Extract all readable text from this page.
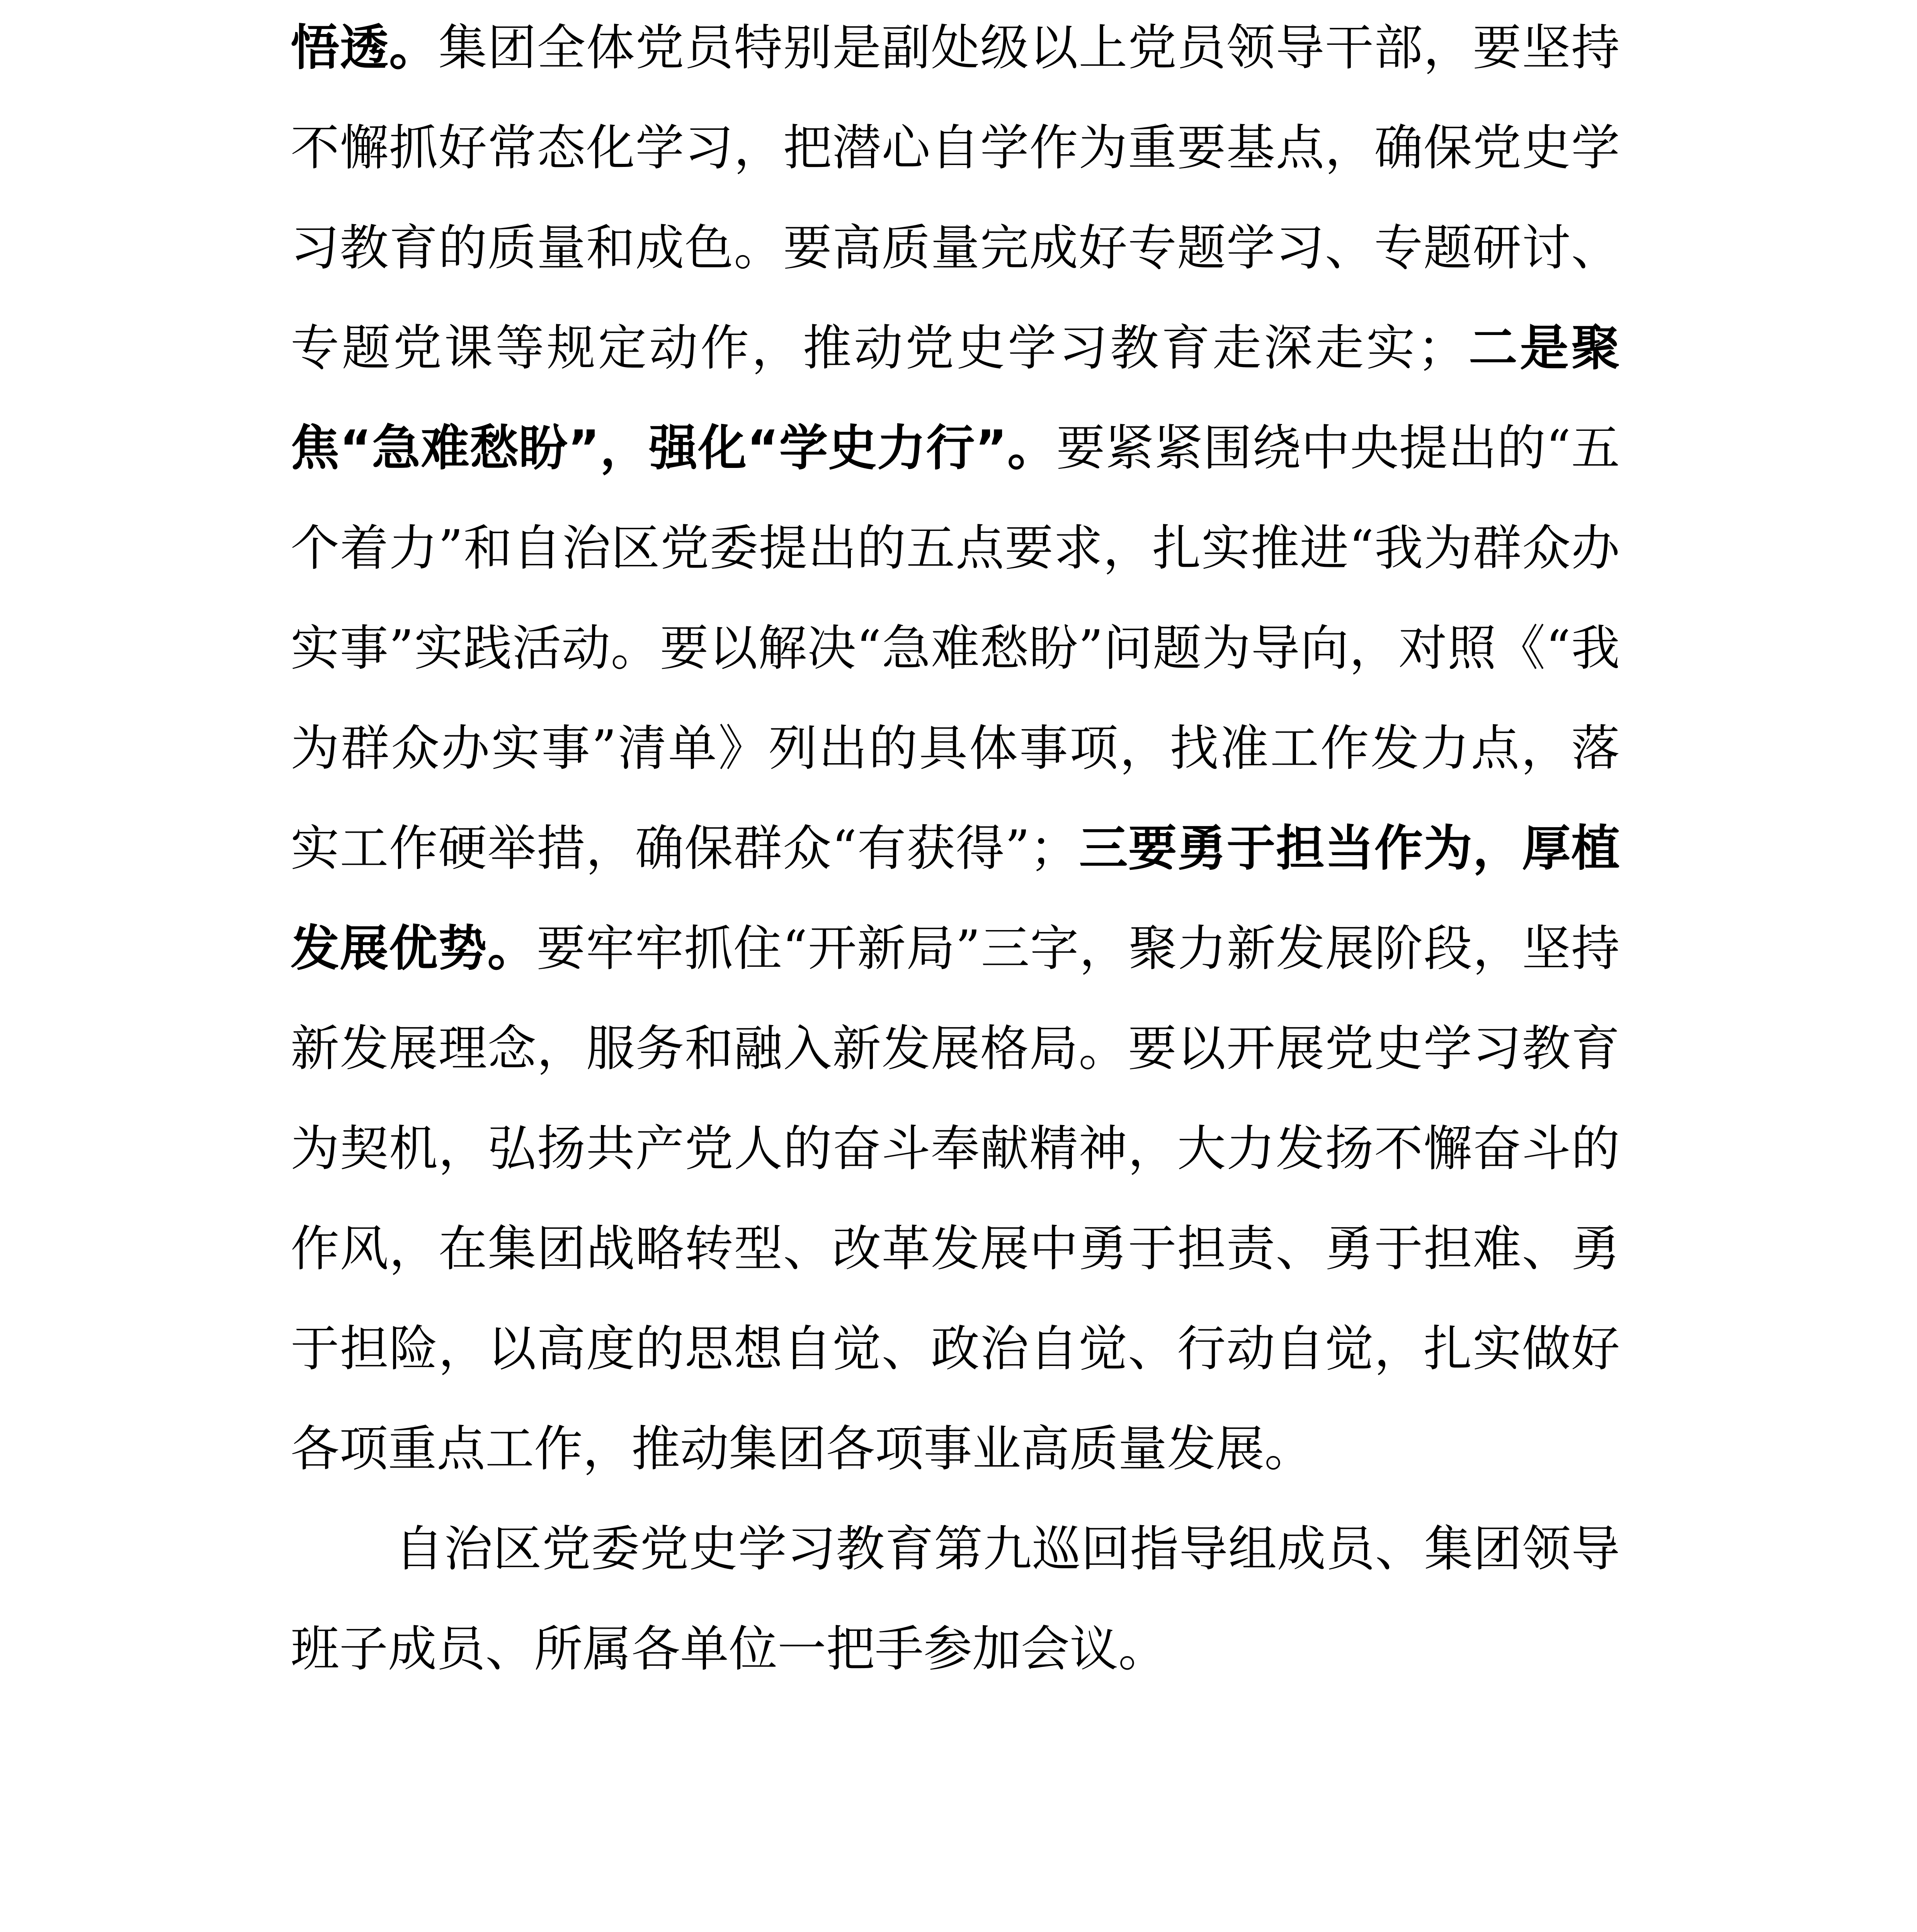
悟透。集团全体党员特别是副处级以上党员领导干部，要坚持不懈抓好常态化学习，把潜心自学作为重要基点，确保党史学习教育的质量和成色。要高质量完成好专题学习、专题研讨、专题党课等规定动作，推动党史学习教育走深走实；二是聚焦“急难愁盼”，强化“学史力行”。要紧紧围绕中央提出的“五个着力”和自治区党委提出的五点要求，扎实推进“我为群众办实事”实践活动。要以解决“急难愁盼”问题为导向，对照《“我为群众办实事”清单》列出的具体事项，找准工作发力点，落实工作硬举措，确保群众“有获得”；三要勇于担当作为，厚植发展优势。要牢牢抓住“开新局”三字，聚力新发展阶段，坚持新发展理念，服务和融入新发展格局。要以开展党史学习教育为契机，弘扬共产党人的奋斗奉献精神，大力发扬不懈奋斗的作风，在集团战略转型、改革发展中勇于担责、勇于担难、勇于担险，以高度的思想自觉、政治自觉、行动自觉，扎实做好各项重点工作，推动集团各项事业高质量发展。

自治区党委党史学习教育第九巡回指导组成员、集团领导班子成员、所属各单位一把手参加会议。
